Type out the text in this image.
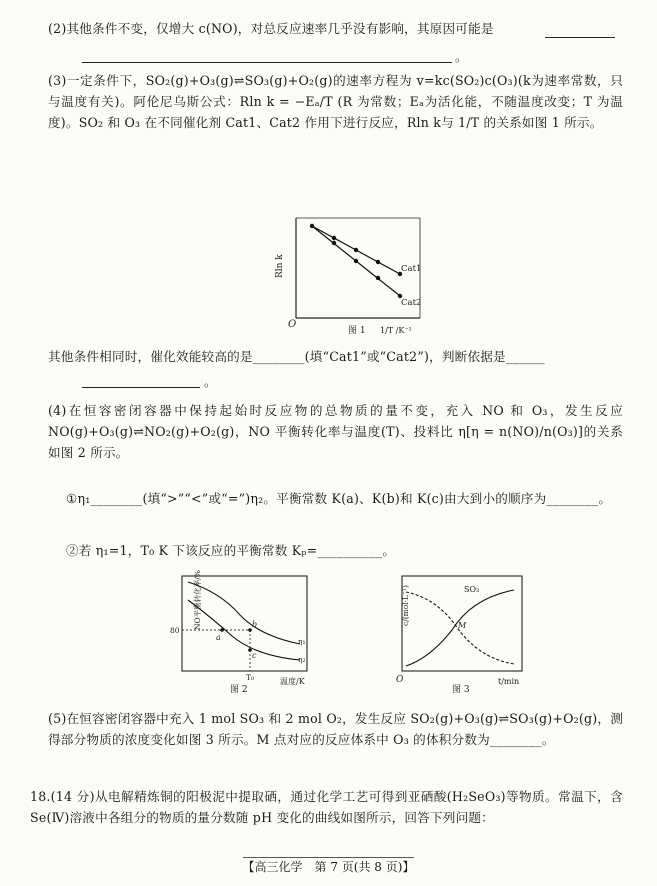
(2)其他条件不变，仅增大 c(NO)，对总反应速率几乎没有影响，其原因可能是
。
(3)一定条件下，SO₂(g)+O₃(g)⇌SO₃(g)+O₂(g)的速率方程为 v=kc(SO₂)c(O₃)(k为速率常数，只与温度有关)。阿伦尼乌斯公式：Rln k = −Eₐ/T (R 为常数；Eₐ为活化能，不随温度改变；T 为温度)。SO₂ 和 O₃ 在不同催化剂 Cat1、Cat2 作用下进行反应，Rln k与 1/T 的关系如图 1 所示。
Rln k
O
Cat1
Cat2
图 1 1/T /K⁻¹
其他条件相同时，催化效能较高的是________(填“Cat1”或“Cat2”)，判断依据是______
。
(4)在恒容密闭容器中保持起始时反应物的总物质的量不变，充入 NO 和 O₃，发生反应 NO(g)+O₃(g)⇌NO₂(g)+O₂(g)，NO 平衡转化率与温度(T)、投料比 η[η = n(NO)/n(O₃)]的关系如图 2 所示。
①η₁________(填“>”“<”或“=”)η₂。平衡常数 K(a)、K(b)和 K(c)由大到小的顺序为________。
②若 η₁=1，T₀ K 下该反应的平衡常数 Kₚ=__________。
NO平衡转化率/%
80
a
b
c
η₁
η₂
T₀
图 2
温度/K
c/(mol·L⁻¹)
O
SO₃
M
图 3
t/min
(5)在恒容密闭容器中充入 1 mol SO₃ 和 2 mol O₂，发生反应 SO₂(g)+O₃(g)⇌SO₃(g)+O₂(g)，测得部分物质的浓度变化如图 3 所示。M 点对应的反应体系中 O₃ 的体积分数为________。
18.(14 分)从电解精炼铜的阳极泥中提取硒，通过化学工艺可得到亚硒酸(H₂SeO₃)等物质。常温下，含 Se(Ⅳ)溶液中各组分的物质的量分数随 pH 变化的曲线如图所示，回答下列问题：
【高三化学　第 7 页(共 8 页)】
